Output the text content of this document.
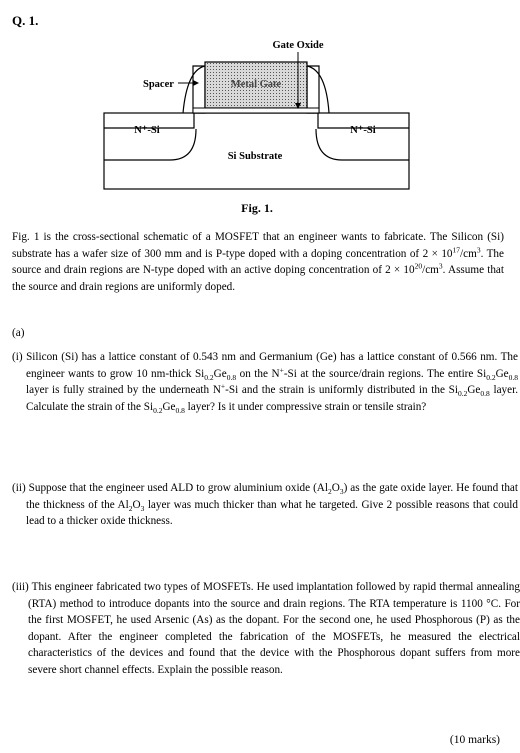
Q. 1.
Gate Oxide
Spacer	Metal Gate
N⁺-Si	N⁺-Si
Si Substrate
Fig. 1.
Fig. 1 is the cross-sectional schematic of a MOSFET that an engineer wants to fabricate. The Silicon (Si) substrate has a wafer size of 300 mm and is P-type doped with a doping concentration of $2 \times 10^{17}/cm^3$. The source and drain regions are N-type doped with an active doping concentration of $2 \times 10^{20}/cm^3$. Assume that the source and drain regions are uniformly doped.
(a)
(i) Silicon (Si) has a lattice constant of 0.543 nm and Germanium (Ge) has a lattice constant of 0.566 nm. The engineer wants to grow 10 nm-thick $Si_{0.2}Ge_{0.8}$ on the N+-Si at the source/drain regions. The entire $Si_{0.2}Ge_{0.8}$ layer is fully strained by the underneath N+-Si and the strain is uniformly distributed in the $Si_{0.2}Ge_{0.8}$ layer. Calculate the strain of the $Si_{0.2}Ge_{0.8}$ layer? Is it under compressive strain or tensile strain?
(ii) Suppose that the engineer used ALD to grow aluminium oxide $(Al_2O_3)$ as the gate oxide layer. He found that the thickness of the $Al_2O_3$ layer was much thicker than what he targeted. Give 2 possible reasons that could lead to a thicker oxide thickness.
(iii) This engineer fabricated two types of MOSFETs. He used implantation followed by rapid thermal annealing (RTA) method to introduce dopants into the source and drain regions. The RTA temperature is 1100 °C. For the first MOSFET, he used Arsenic (As) as the dopant. For the second one, he used Phosphorous (P) as the dopant. After the engineer completed the fabrication of the MOSFETs, he measured the electrical characteristics of the devices and found that the device with the Phosphorous dopant suffers from more severe short channel effects. Explain the possible reason.
(10 marks)
